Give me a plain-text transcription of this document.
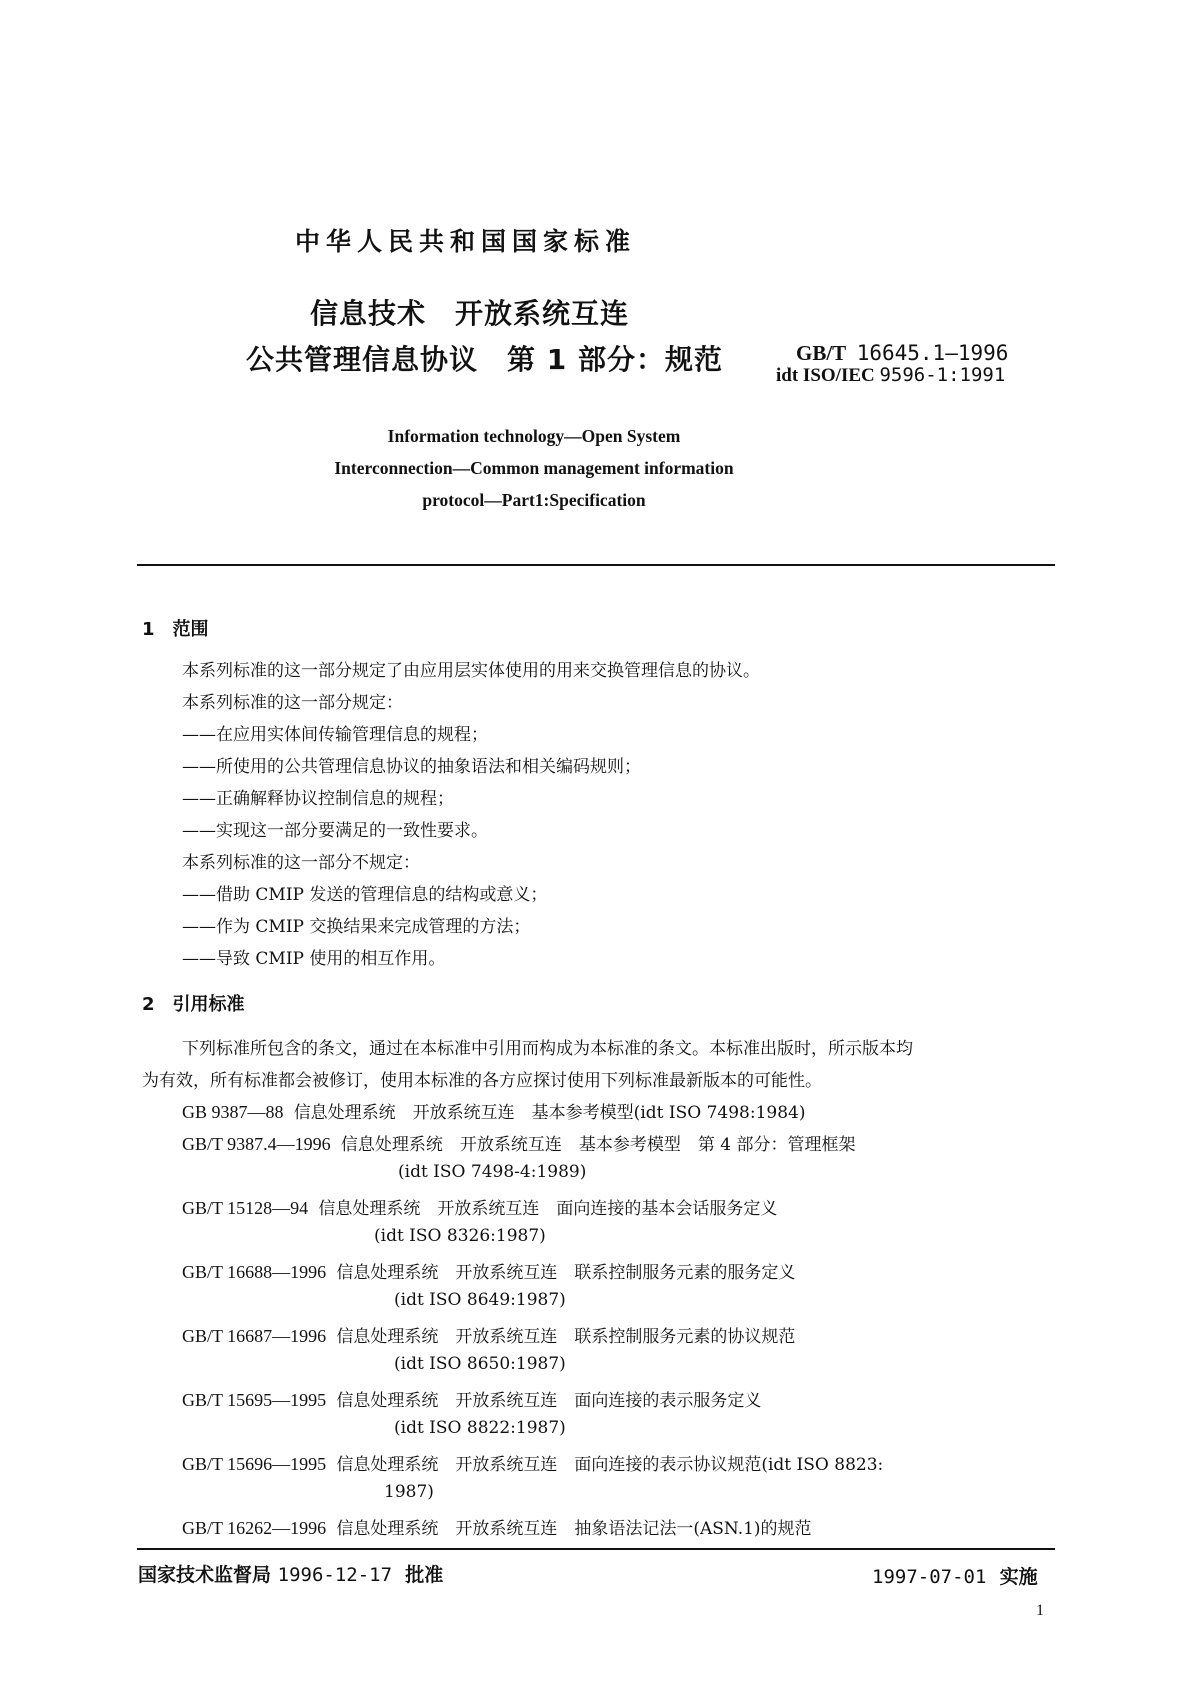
中华人民共和国国家标准
信息技术　开放系统互连
公共管理信息协议　第 1 部分：规范	GB/T 16645.1—1996
idt ISO/IEC 9596-1:1991
Information technology—Open System
Interconnection—Common management information
protocol—Part1:Specification
1　范围
本系列标准的这一部分规定了由应用层实体使用的用来交换管理信息的协议。
本系列标准的这一部分规定：
——在应用实体间传输管理信息的规程；
——所使用的公共管理信息协议的抽象语法和相关编码规则；
——正确解释协议控制信息的规程；
——实现这一部分要满足的一致性要求。
本系列标准的这一部分不规定：
——借助 CMIP 发送的管理信息的结构或意义；
——作为 CMIP 交换结果来完成管理的方法；
——导致 CMIP 使用的相互作用。
2　引用标准
下列标准所包含的条文，通过在本标准中引用而构成为本标准的条文。本标准出版时，所示版本均
为有效，所有标准都会被修订，使用本标准的各方应探讨使用下列标准最新版本的可能性。
GB 9387—88 信息处理系统　开放系统互连　基本参考模型(idt ISO 7498:1984)
GB/T 9387.4—1996 信息处理系统　开放系统互连　基本参考模型　第 4 部分：管理框架
(idt ISO 7498-4:1989)
GB/T 15128—94 信息处理系统　开放系统互连　面向连接的基本会话服务定义
(idt ISO 8326:1987)
GB/T 16688—1996 信息处理系统　开放系统互连　联系控制服务元素的服务定义
(idt ISO 8649:1987)
GB/T 16687—1996 信息处理系统　开放系统互连　联系控制服务元素的协议规范
(idt ISO 8650:1987)
GB/T 15695—1995 信息处理系统　开放系统互连　面向连接的表示服务定义
(idt ISO 8822:1987)
GB/T 15696—1995 信息处理系统　开放系统互连　面向连接的表示协议规范(idt ISO 8823:
1987)
GB/T 16262—1996 信息处理系统　开放系统互连　抽象语法记法一(ASN.1)的规范
国家技术监督局 1996-12-17 批准	1997-07-01 实施
1
